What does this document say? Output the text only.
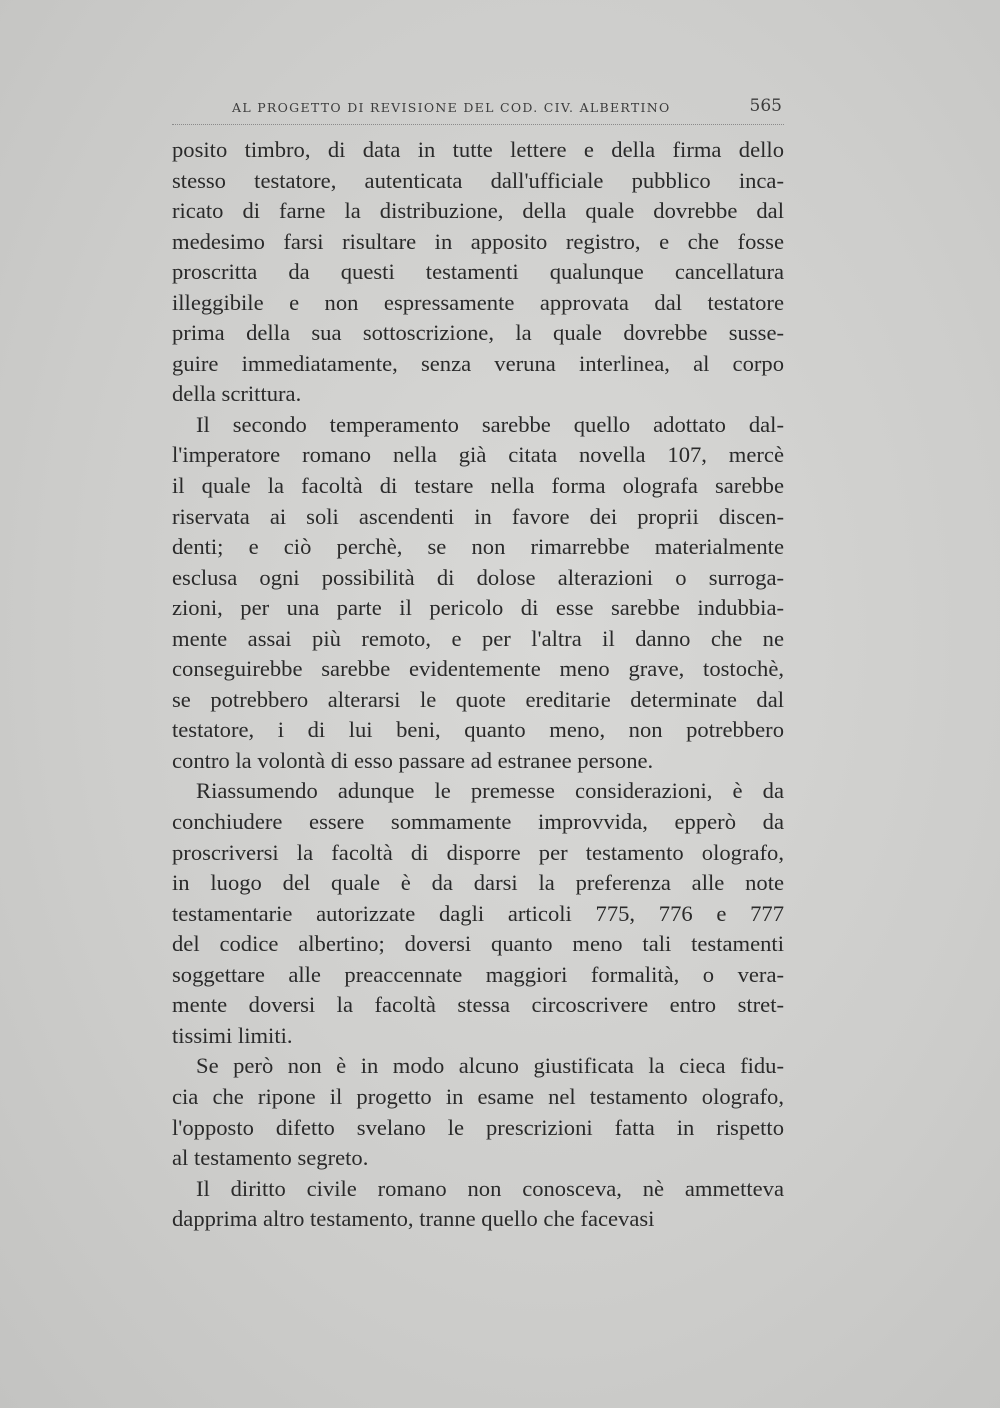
AL PROGETTO DI REVISIONE DEL COD. CIV. ALBERTINO	565

posito timbro, di data in tutte lettere e della firma dello
stesso testatore, autenticata dall'ufficiale pubblico inca-
ricato di farne la distribuzione, della quale dovrebbe dal
medesimo farsi risultare in apposito registro, e che fosse
proscritta da questi testamenti qualunque cancellatura
illeggibile e non espressamente approvata dal testatore
prima della sua sottoscrizione, la quale dovrebbe susse-
guire immediatamente, senza veruna interlinea, al corpo
della scrittura.

Il secondo temperamento sarebbe quello adottato dal-
l'imperatore romano nella già citata novella 107, mercè
il quale la facoltà di testare nella forma olografa sarebbe
riservata ai soli ascendenti in favore dei proprii discen-
denti; e ciò perchè, se non rimarrebbe materialmente
esclusa ogni possibilità di dolose alterazioni o surroga-
zioni, per una parte il pericolo di esse sarebbe indubbia-
mente assai più remoto, e per l'altra il danno che ne
conseguirebbe sarebbe evidentemente meno grave, tostochè,
se potrebbero alterarsi le quote ereditarie determinate dal
testatore, i di lui beni, quanto meno, non potrebbero
contro la volontà di esso passare ad estranee persone.

Riassumendo adunque le premesse considerazioni, è da
conchiudere essere sommamente improvvida, epperò da
proscriversi la facoltà di disporre per testamento olografo,
in luogo del quale è da darsi la preferenza alle note
testamentarie autorizzate dagli articoli 775, 776 e 777
del codice albertino; doversi quanto meno tali testamenti
soggettare alle preaccennate maggiori formalità, o vera-
mente doversi la facoltà stessa circoscrivere entro stret-
tissimi limiti.

Se però non è in modo alcuno giustificata la cieca fidu-
cia che ripone il progetto in esame nel testamento olografo,
l'opposto difetto svelano le prescrizioni fatta in rispetto
al testamento segreto.

Il diritto civile romano non conosceva, nè ammetteva
dapprima altro testamento, tranne quello che facevasi
